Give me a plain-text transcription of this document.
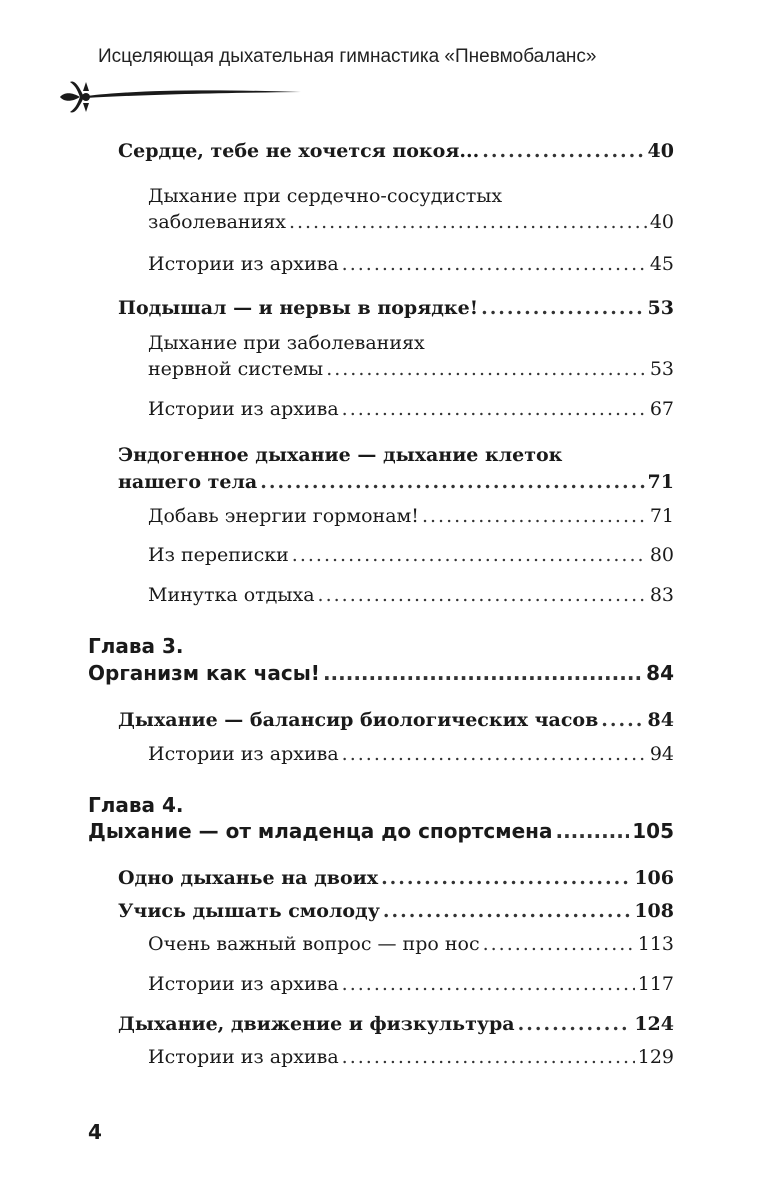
Исцеляющая дыхательная гимнастика «Пневмобаланс»
Сердце, тебе не хочется покоя... .....	40
Дыхание при сердечно-сосудистых
заболеваниях .....	40
Истории из архива .....	45
Подышал — и нервы в порядке! .....	53
Дыхание при заболеваниях
нервной системы .....	53
Истории из архива .....	67
Эндогенное дыхание — дыхание клеток
нашего тела .....	71
Добавь энергии гормонам! .....	71
Из переписки .....	80
Минутка отдыха .....	83
Глава 3.
Организм как часы! .....	84
Дыхание — балансир биологических часов .....	84
Истории из архива .....	94
Глава 4.
Дыхание — от младенца до спортсмена .....	105
Одно дыханье на двоих .....	106
Учись дышать смолоду .....	108
Очень важный вопрос — про нос .....	113
Истории из архива .....	117
Дыхание, движение и физкультура .....	124
Истории из архива .....	129
4
